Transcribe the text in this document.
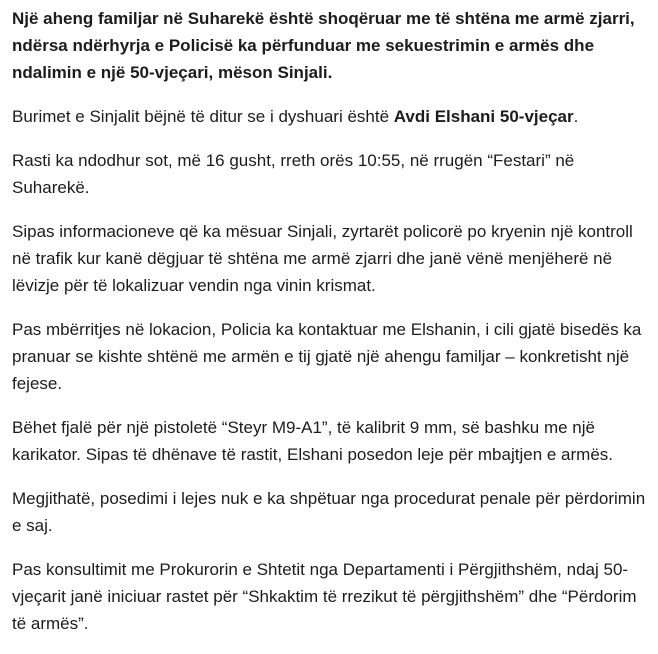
Një aheng familjar në Suharekë është shoqëruar me të shtëna me armë zjarri, ndërsa ndërhyrja e Policisë ka përfunduar me sekuestrimin e armës dhe ndalimin e një 50-vjeçari, mëson Sinjali.

Burimet e Sinjalit bëjnë të ditur se i dyshuari është Avdi Elshani 50-vjeçar.

Rasti ka ndodhur sot, më 16 gusht, rreth orës 10:55, në rrugën “Festari” në Suharekë.

Sipas informacioneve që ka mësuar Sinjali, zyrtarët policorë po kryenin një kontroll në trafik kur kanë dëgjuar të shtëna me armë zjarri dhe janë vënë menjëherë në lëvizje për të lokalizuar vendin nga vinin krismat.

Pas mbërritjes në lokacion, Policia ka kontaktuar me Elshanin, i cili gjatë bisedës ka pranuar se kishte shtënë me armën e tij gjatë një ahengu familjar – konkretisht një fejese.

Bëhet fjalë për një pistoletë “Steyr M9-A1”, të kalibrit 9 mm, së bashku me një karikator. Sipas të dhënave të rastit, Elshani posedon leje për mbajtjen e armës.

Megjithatë, posedimi i lejes nuk e ka shpëtuar nga procedurat penale për përdorimin e saj.

Pas konsultimit me Prokurorin e Shtetit nga Departamenti i Përgjithshëm, ndaj 50-vjeçarit janë iniciuar rastet për “Shkaktim të rrezikut të përgjithshëm” dhe “Përdorim të armës”.
